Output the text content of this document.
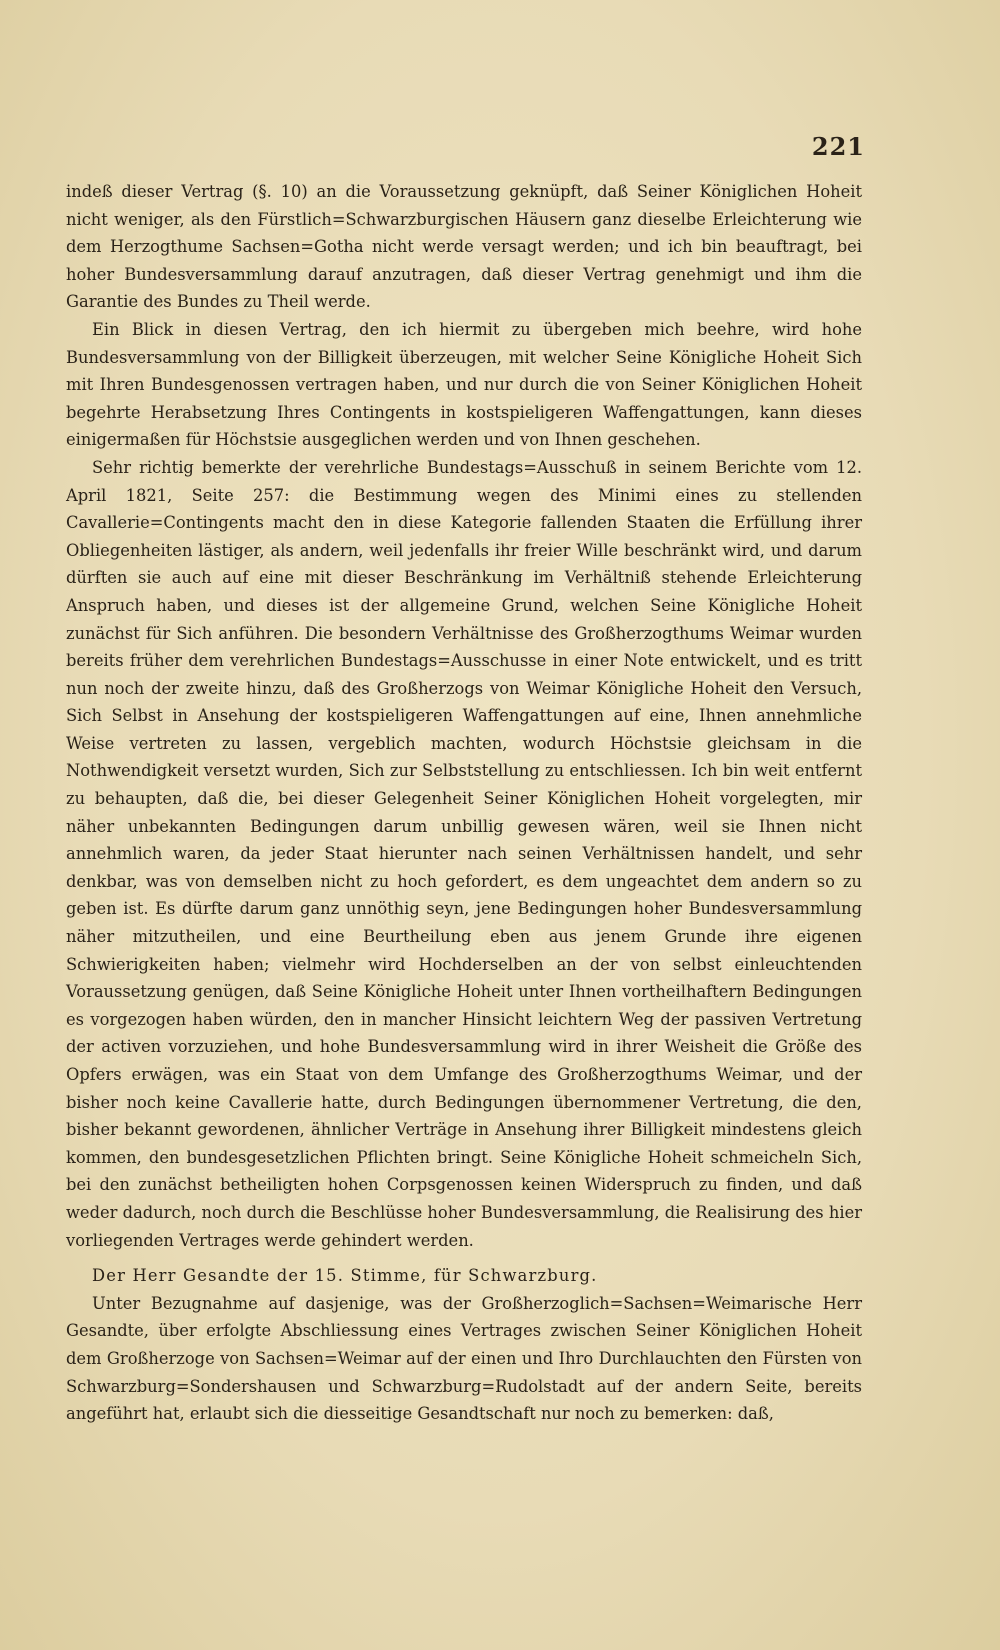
221

indeß dieser Vertrag (§. 10) an die Voraussetzung geknüpft, daß Seiner Königlichen Hoheit nicht weniger, als den Fürstlich=Schwarzburgischen Häusern ganz dieselbe Erleichterung wie dem Herzogthume Sachsen=Gotha nicht werde versagt werden; und ich bin beauftragt, bei hoher Bundesversammlung darauf anzutragen, daß dieser Vertrag genehmigt und ihm die Garantie des Bundes zu Theil werde.

Ein Blick in diesen Vertrag, den ich hiermit zu übergeben mich beehre, wird hohe Bundesversammlung von der Billigkeit überzeugen, mit welcher Seine Königliche Hoheit Sich mit Ihren Bundesgenossen vertragen haben, und nur durch die von Seiner Königlichen Hoheit begehrte Herabsetzung Ihres Contingents in kostspieligeren Waffengattungen, kann dieses einigermaßen für Höchstsie ausgeglichen werden und von Ihnen geschehen.

Sehr richtig bemerkte der verehrliche Bundestags=Ausschuß in seinem Berichte vom 12. April 1821, Seite 257: die Bestimmung wegen des Minimi eines zu stellenden Cavallerie=Contingents macht den in diese Kategorie fallenden Staaten die Erfüllung ihrer Obliegenheiten lästiger, als andern, weil jedenfalls ihr freier Wille beschränkt wird, und darum dürften sie auch auf eine mit dieser Beschränkung im Verhältniß stehende Erleichterung Anspruch haben, und dieses ist der allgemeine Grund, welchen Seine Königliche Hoheit zunächst für Sich anführen. Die besondern Verhältnisse des Großherzogthums Weimar wurden bereits früher dem verehrlichen Bundestags=Ausschusse in einer Note entwickelt, und es tritt nun noch der zweite hinzu, daß des Großherzogs von Weimar Königliche Hoheit den Versuch, Sich Selbst in Ansehung der kostspieligeren Waffengattungen auf eine, Ihnen annehmliche Weise vertreten zu lassen, vergeblich machten, wodurch Höchstsie gleichsam in die Nothwendigkeit versetzt wurden, Sich zur Selbststellung zu entschliessen. Ich bin weit entfernt zu behaupten, daß die, bei dieser Gelegenheit Seiner Königlichen Hoheit vorgelegten, mir näher unbekannten Bedingungen darum unbillig gewesen wären, weil sie Ihnen nicht annehmlich waren, da jeder Staat hierunter nach seinen Verhältnissen handelt, und sehr denkbar, was von demselben nicht zu hoch gefordert, es dem ungeachtet dem andern so zu geben ist. Es dürfte darum ganz unnöthig seyn, jene Bedingungen hoher Bundesversammlung näher mitzutheilen, und eine Beurtheilung eben aus jenem Grunde ihre eigenen Schwierigkeiten haben; vielmehr wird Hochderselben an der von selbst einleuchtenden Voraussetzung genügen, daß Seine Königliche Hoheit unter Ihnen vortheilhaftern Bedingungen es vorgezogen haben würden, den in mancher Hinsicht leichtern Weg der passiven Vertretung der activen vorzuziehen, und hohe Bundesversammlung wird in ihrer Weisheit die Größe des Opfers erwägen, was ein Staat von dem Umfange des Großherzogthums Weimar, und der bisher noch keine Cavallerie hatte, durch Bedingungen übernommener Vertretung, die den, bisher bekannt gewordenen, ähnlicher Verträge in Ansehung ihrer Billigkeit mindestens gleich kommen, den bundesgesetzlichen Pflichten bringt. Seine Königliche Hoheit schmeicheln Sich, bei den zunächst betheiligten hohen Corpsgenossen keinen Widerspruch zu finden, und daß weder dadurch, noch durch die Beschlüsse hoher Bundesversammlung, die Realisirung des hier vorliegenden Vertrages werde gehindert werden.

Der Herr Gesandte der 15. Stimme, für Schwarzburg.

Unter Bezugnahme auf dasjenige, was der Großherzoglich=Sachsen=Weimarische Herr Gesandte, über erfolgte Abschliessung eines Vertrages zwischen Seiner Königlichen Hoheit dem Großherzoge von Sachsen=Weimar auf der einen und Ihro Durchlauchten den Fürsten von Schwarzburg=Sondershausen und Schwarzburg=Rudolstadt auf der andern Seite, bereits angeführt hat, erlaubt sich die diesseitige Gesandtschaft nur noch zu bemerken: daß,
